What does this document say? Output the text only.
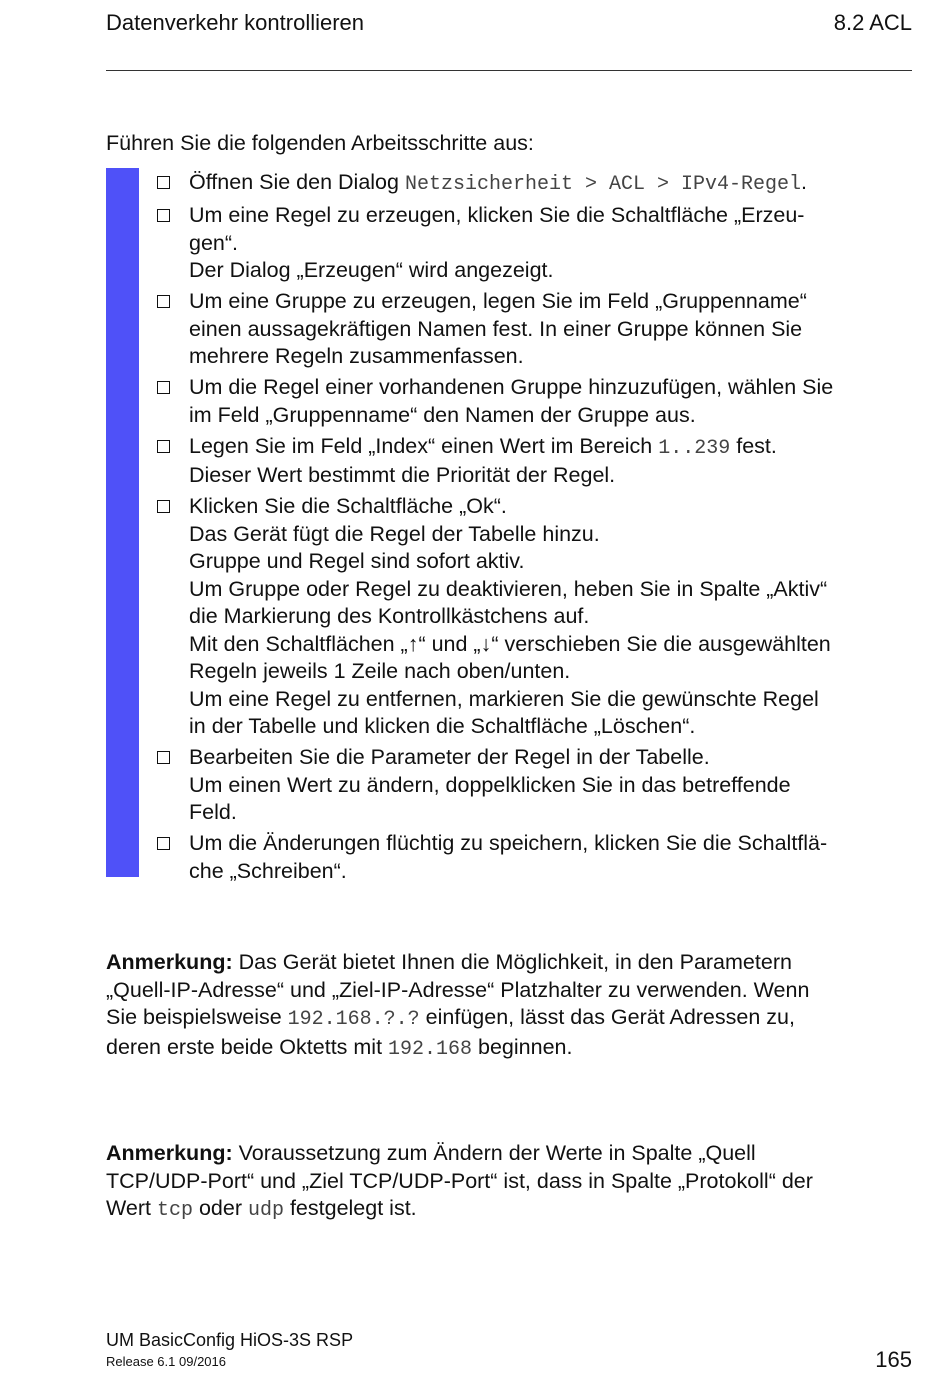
Datenverkehr kontrollieren	8.2 ACL
Führen Sie die folgenden Arbeitsschritte aus:
Öffnen Sie den Dialog Netzsicherheit > ACL > IPv4-Regel.
Um eine Regel zu erzeugen, klicken Sie die Schaltfläche „Erzeu-
gen“.
Der Dialog „Erzeugen“ wird angezeigt.
Um eine Gruppe zu erzeugen, legen Sie im Feld „Gruppenname“
einen aussagekräftigen Namen fest. In einer Gruppe können Sie
mehrere Regeln zusammenfassen.
Um die Regel einer vorhandenen Gruppe hinzuzufügen, wählen Sie
im Feld „Gruppenname“ den Namen der Gruppe aus.
Legen Sie im Feld „Index“ einen Wert im Bereich 1..239 fest.
Dieser Wert bestimmt die Priorität der Regel.
Klicken Sie die Schaltfläche „Ok“.
Das Gerät fügt die Regel der Tabelle hinzu.
Gruppe und Regel sind sofort aktiv.
Um Gruppe oder Regel zu deaktivieren, heben Sie in Spalte „Aktiv“
die Markierung des Kontrollkästchens auf.
Mit den Schaltflächen „↑“ und „↓“ verschieben Sie die ausgewählten
Regeln jeweils 1 Zeile nach oben/unten.
Um eine Regel zu entfernen, markieren Sie die gewünschte Regel
in der Tabelle und klicken die Schaltfläche „Löschen“.
Bearbeiten Sie die Parameter der Regel in der Tabelle.
Um einen Wert zu ändern, doppelklicken Sie in das betreffende
Feld.
Um die Änderungen flüchtig zu speichern, klicken Sie die Schaltflä-
che „Schreiben“.
Anmerkung: Das Gerät bietet Ihnen die Möglichkeit, in den Parametern
„Quell-IP-Adresse“ und „Ziel-IP-Adresse“ Platzhalter zu verwenden. Wenn
Sie beispielsweise 192.168.?.? einfügen, lässt das Gerät Adressen zu,
deren erste beide Oktetts mit 192.168 beginnen.
Anmerkung: Voraussetzung zum Ändern der Werte in Spalte „Quell
TCP/UDP-Port“ und „Ziel TCP/UDP-Port“ ist, dass in Spalte „Protokoll“ der
Wert tcp oder udp festgelegt ist.
UM BasicConfig HiOS-3S RSP
Release 6.1 09/2016	165
